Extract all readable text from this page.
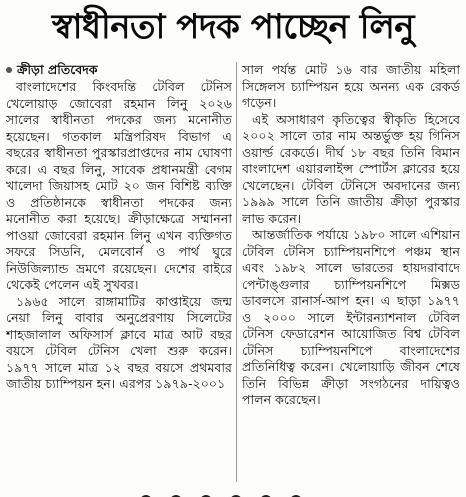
স্বাধীনতা পদক পাচ্ছেন লিনু
ক্রীড়া প্রতিবেদক

বাংলাদেশের কিংবদন্তি টেবিল টেনিস খেলোয়াড় জোবেরা রহমান লিনু ২০২৬ সালের স্বাধীনতা পদকের জন্য মনোনীত হয়েছেন। গতকাল মন্ত্রিপরিষদ বিভাগ এ বছরের স্বাধীনতা পুরস্কারপ্রাপ্তদের নাম ঘোষণা করে। এ বছর লিনু, সাবেক প্রধানমন্ত্রী বেগম খালেদা জিয়াসহ মোট ২০ জন বিশিষ্ট ব্যক্তি ও প্রতিষ্ঠানকে স্বাধীনতা পদকের জন্য মনোনীত করা হয়েছে। ক্রীড়াক্ষেত্রে সম্মাননা পাওয়া জোবেরা রহমান লিনু এখন ব্যক্তিগত সফরে সিডনি, মেলবোর্ন ও পার্থ ঘুরে নিউজিল্যান্ড ভ্রমণে রয়েছেন। দেশের বাইরে থেকেই পেলেন এই সুখবর।

১৯৬৫ সালে রাঙ্গামাটির কাপ্তাইয়ে জন্ম নেয়া লিনু বাবার অনুপ্রেরণায় সিলেটের শাহজালাল অফিসার্স ক্লাবে মাত্র আট বছর বয়সে টেবিল টেনিস খেলা শুরু করেন। ১৯৭৭ সালে মাত্র ১২ বছর বয়সে প্রথমবার জাতীয় চ্যাম্পিয়ন হন। এরপর ১৯৭৯-২০০১

সাল পর্যন্ত মোট ১৬ বার জাতীয় মহিলা সিঙ্গেলস চ্যাম্পিয়ন হয়ে অনন্য এক রেকর্ড গড়েন।

এই অসাধারণ কৃতিত্বের স্বীকৃতি হিসেবে ২০০২ সালে তার নাম অন্তর্ভুক্ত হয় গিনিস ওয়ার্ল্ড রেকর্ডে। দীর্ঘ ১৮ বছর তিনি বিমান বাংলাদেশ এয়ারলাইন্স স্পোর্টস ক্লাবের হয়ে খেলেছেন। টেবিল টেনিসে অবদানের জন্য ১৯৯৯ সালে তিনি জাতীয় ক্রীড়া পুরস্কার লাভ করেন।

আন্তর্জাতিক পর্যায়ে ১৯৮০ সালে এশিয়ান টেবিল টেনিস চ্যাম্পিয়নশিপে পঞ্চম স্থান এবং ১৯৮২ সালে ভারতের হায়দরাবাদে পেন্টাঙ্গুলার চ্যাম্পিয়নশিপে মিক্সড ডাবলসে রানার্স-আপ হন। এ ছাড়া ১৯৭৭ ও ২০০০ সালে ইন্টারন্যাশনাল টেবিল টেনিস ফেডারেশন আয়োজিত বিশ্ব টেবিল টেনিস চ্যাম্পিয়নশিপে বাংলাদেশের প্রতিনিধিত্ব করেন। খেলোয়াড়ি জীবন শেষে তিনি বিভিন্ন ক্রীড়া সংগঠনের দায়িত্বও পালন করেছেন।
